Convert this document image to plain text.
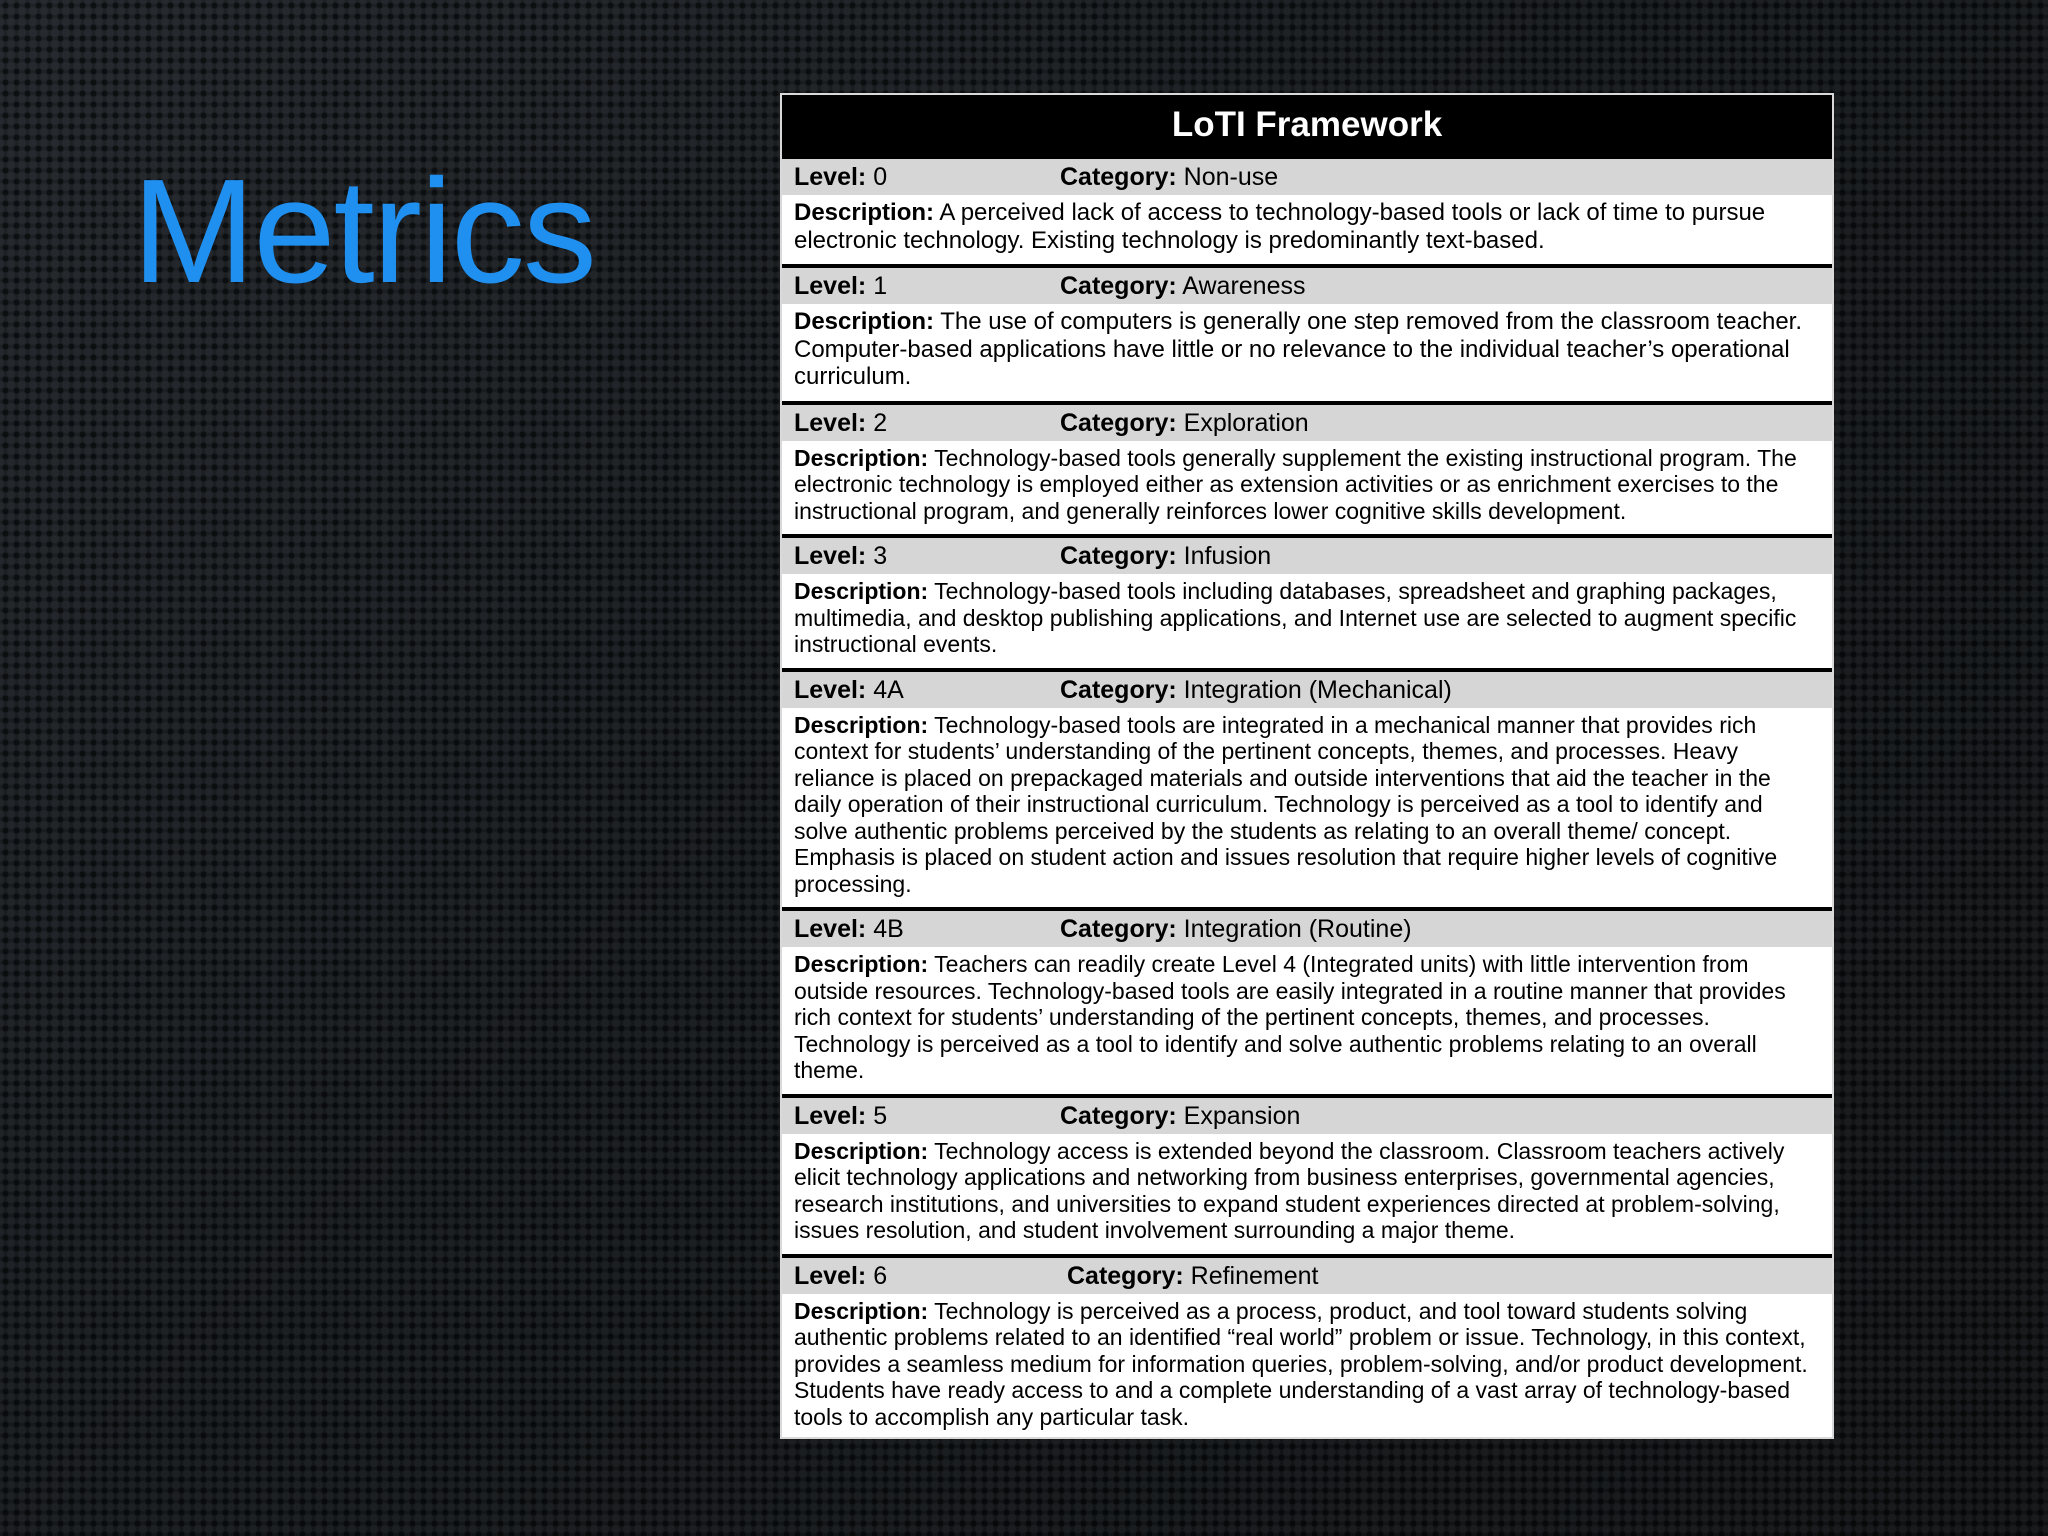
Metrics
LoTI Framework
Level: 0	Category: Non-use
Description: A perceived lack of access to technology-based tools or lack of time to pursue electronic technology. Existing technology is predominantly text-based.
Level: 1	Category: Awareness
Description: The use of computers is generally one step removed from the classroom teacher. Computer-based applications have little or no relevance to the individual teacher’s operational curriculum.
Level: 2	Category: Exploration
Description: Technology-based tools generally supplement the existing instructional program. The electronic technology is employed either as extension activities or as enrichment exercises to the instructional program, and generally reinforces lower cognitive skills development.
Level: 3	Category: Infusion
Description: Technology-based tools including databases, spreadsheet and graphing packages, multimedia, and desktop publishing applications, and Internet use are selected to augment specific instructional events.
Level: 4A	Category: Integration (Mechanical)
Description: Technology-based tools are integrated in a mechanical manner that provides rich context for students’ understanding of the pertinent concepts, themes, and processes. Heavy reliance is placed on prepackaged materials and outside interventions that aid the teacher in the daily operation of their instructional curriculum. Technology is perceived as a tool to identify and solve authentic problems perceived by the students as relating to an overall theme/ concept. Emphasis is placed on student action and issues resolution that require higher levels of cognitive processing.
Level: 4B	Category: Integration (Routine)
Description: Teachers can readily create Level 4 (Integrated units) with little intervention from outside resources. Technology-based tools are easily integrated in a routine manner that provides rich context for students’ understanding of the pertinent concepts, themes, and processes. Technology is perceived as a tool to identify and solve authentic problems relating to an overall theme.
Level: 5	Category: Expansion
Description: Technology access is extended beyond the classroom. Classroom teachers actively elicit technology applications and networking from business enterprises, governmental agencies, research institutions, and universities to expand student experiences directed at problem-solving, issues resolution, and student involvement surrounding a major theme.
Level: 6	Category: Refinement
Description: Technology is perceived as a process, product, and tool toward students solving authentic problems related to an identified “real world” problem or issue. Technology, in this context, provides a seamless medium for information queries, problem-solving, and/or product development. Students have ready access to and a complete understanding of a vast array of technology-based tools to accomplish any particular task.
